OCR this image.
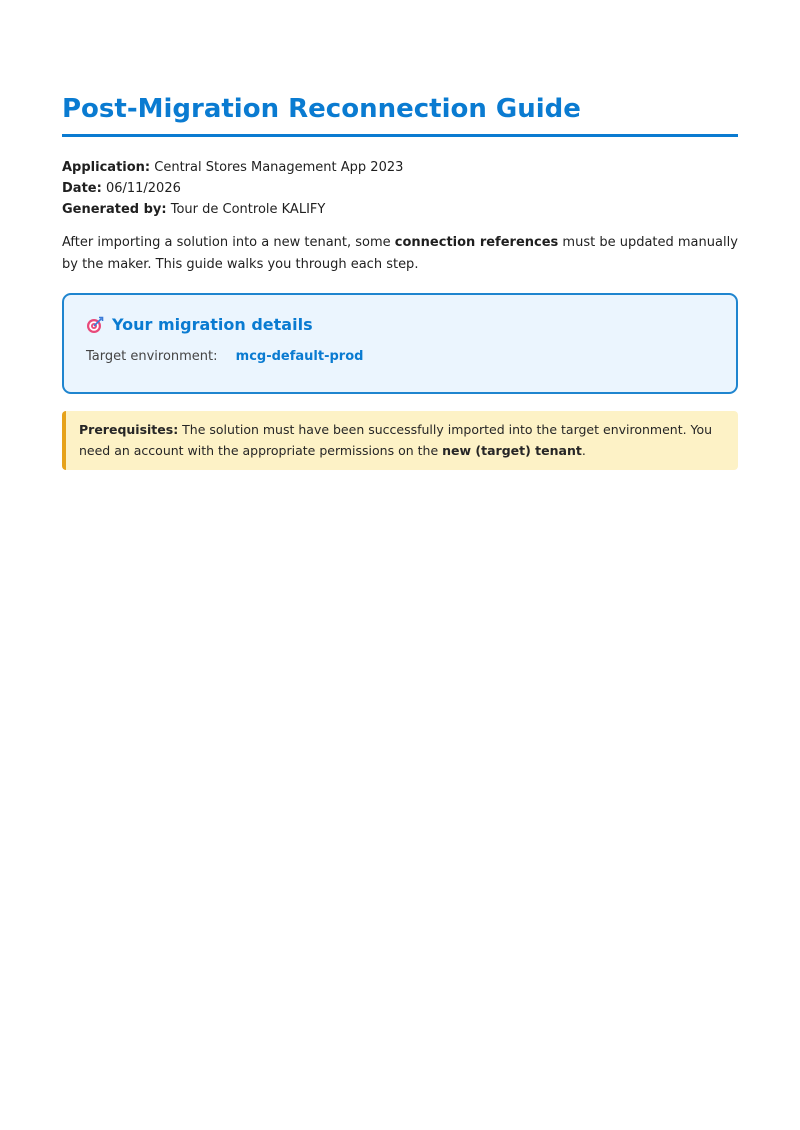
Post-Migration Reconnection Guide
Application: Central Stores Management App 2023
Date: 06/11/2026
Generated by: Tour de Controle KALIFY

After importing a solution into a new tenant, some connection references must be updated manually by the maker. This guide walks you through each step.

Your migration details
Target environment: mcg-default-prod
Prerequisites: The solution must have been successfully imported into the target environment. You need an account with the appropriate permissions on the new (target) tenant.
